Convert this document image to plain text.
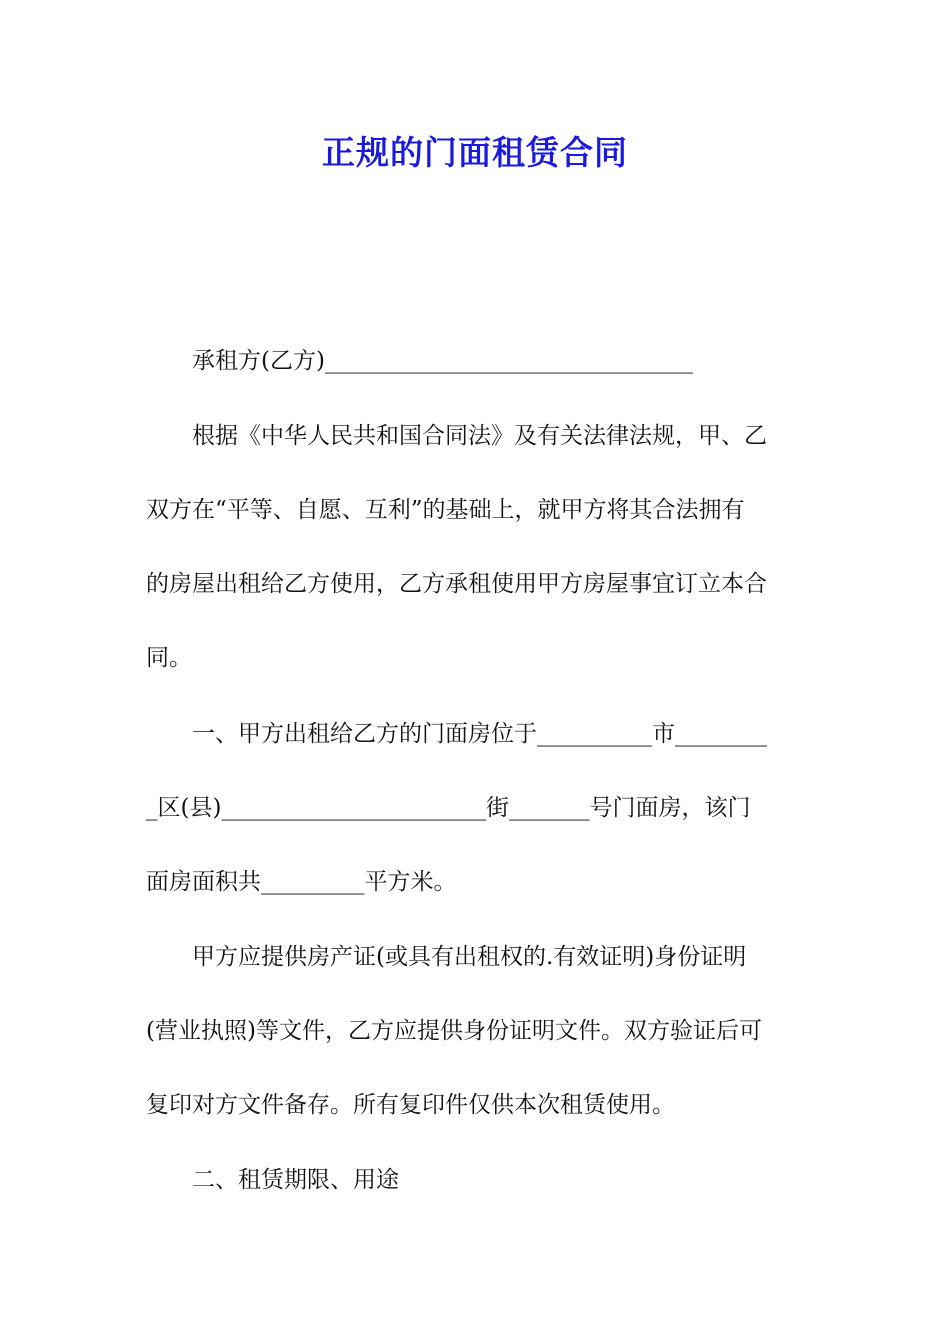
正规的门面租赁合同
承租方(乙方)________________________________
根据《中华人民共和国合同法》及有关法律法规，甲、乙
双方在“平等、自愿、互利”的基础上，就甲方将其合法拥有
的房屋出租给乙方使用，乙方承租使用甲方房屋事宜订立本合
同。
一、甲方出租给乙方的门面房位于__________市________
_区(县)_______________________街_______号门面房，该门
面房面积共_________平方米。
甲方应提供房产证(或具有出租权的.有效证明)身份证明
(营业执照)等文件，乙方应提供身份证明文件。双方验证后可
复印对方文件备存。所有复印件仅供本次租赁使用。
二、租赁期限、用途
